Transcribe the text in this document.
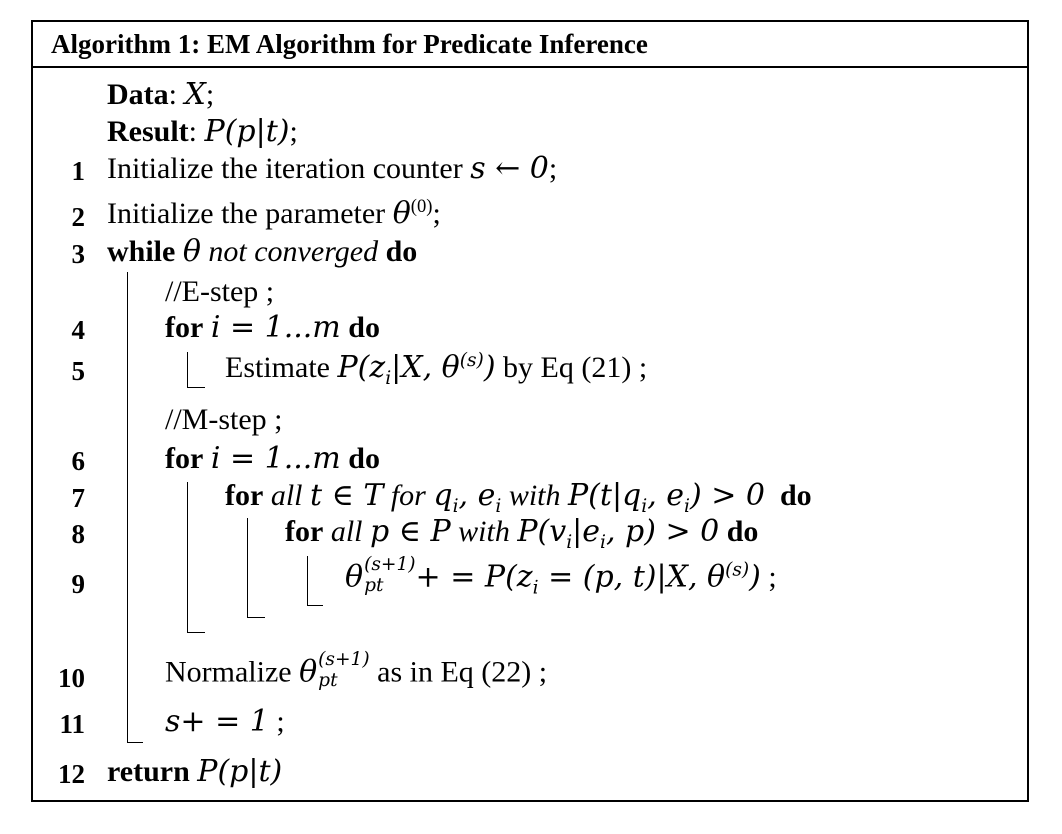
Algorithm 1: EM Algorithm for Predicate Inference
Data: X;
Result: P(p|t);
1 Initialize the iteration counter s ← 0;
2 Initialize the parameter $\theta^{(0)}$;
3 while θ not converged do
//E-step ;
4	for i = 1...m do
5	Estimate $P(z_i|X$, $\theta^{(s)}$) by Eq (21) ;
//M-step ;
6	for i = 1...m do
7	for all t ∈ T for $q_i$, $e_i$ with $P(t|q_i$, $e_i) > 0$ do
8	for all p ∈ P with $P(v_i|e_i$, p) > 0 do
9	θ (s+1)
pt	+ = $P(z_i = (p$, t)|X, $\theta^{(s)}$) ;
10	Normalize θ (s+1)
pt	as in Eq (22) ;
11	s+ = 1 ;
12 return P(p|t)
